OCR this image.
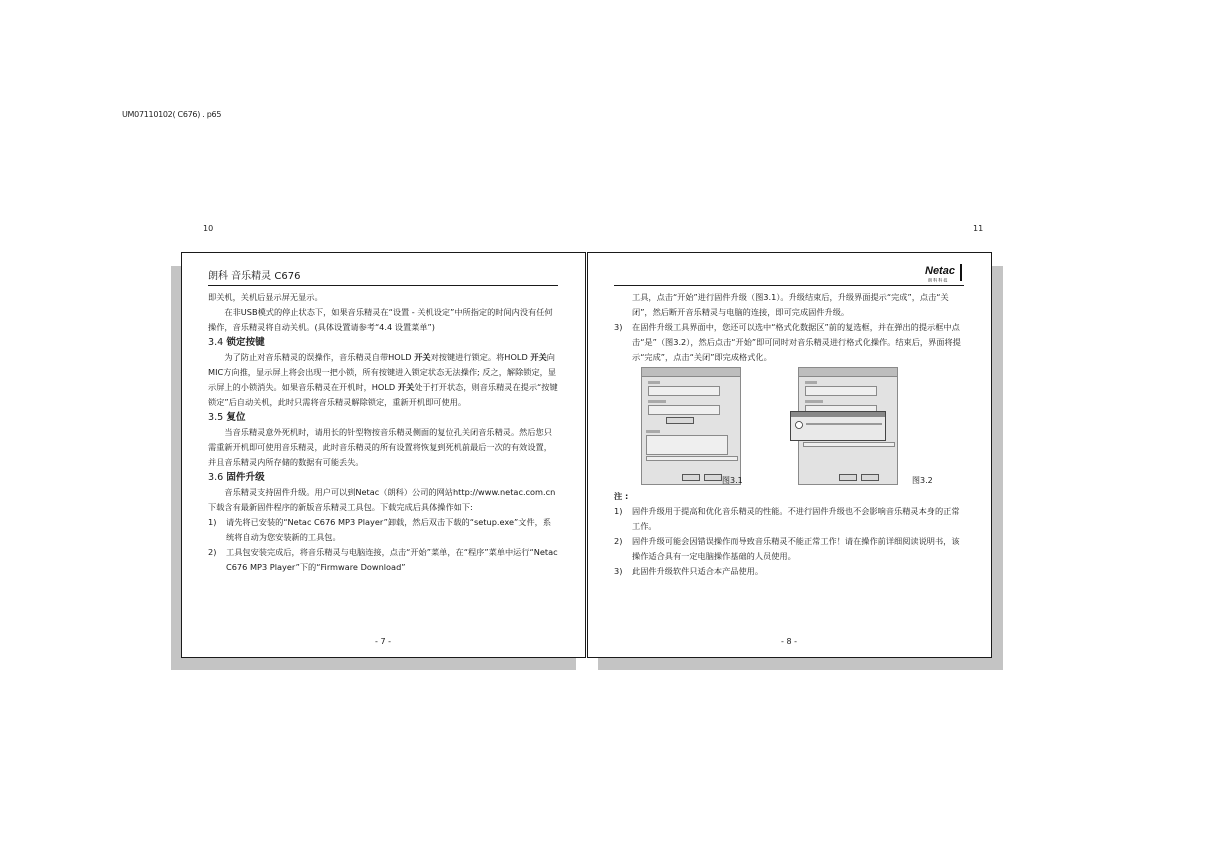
UM07110102( C676) . p65
10	11
朗科 音乐精灵 C676

即关机，关机后显示屏无显示。

在非USB模式的停止状态下，如果音乐精灵在“设置 - 关机设定”中所指定的时间内没有任何操作，音乐精灵将自动关机。(具体设置请参考“4.4 设置菜单”)

3.4 锁定按键

为了防止对音乐精灵的误操作，音乐精灵自带HOLD 开关对按键进行锁定。将HOLD 开关向MIC方向推，显示屏上将会出现一把小锁，所有按键进入锁定状态无法操作; 反之，解除锁定，显示屏上的小锁消失。如果音乐精灵在开机时，HOLD 开关处于打开状态，则音乐精灵在提示“按键锁定”后自动关机，此时只需将音乐精灵解除锁定，重新开机即可使用。

3.5 复位

当音乐精灵意外死机时，请用长的针型物按音乐精灵侧面的复位孔关闭音乐精灵。然后您只需重新开机即可使用音乐精灵，此时音乐精灵的所有设置将恢复到死机前最后一次的有效设置，并且音乐精灵内所存储的数据有可能丢失。

3.6 固件升级

音乐精灵支持固件升级。用户可以到Netac（朗科）公司的网站http://www.netac.com.cn下载含有最新固件程序的新版音乐精灵工具包。下载完成后具体操作如下:

1)	请先将已安装的“Netac C676 MP3 Player”卸载，然后双击下载的“setup.exe”文件，系统将自动为您安装新的工具包。
2)	工具包安装完成后，将音乐精灵与电脑连接，点击“开始”菜单，在“程序”菜单中运行“Netac C676 MP3 Player”下的“Firmware Download”
- 7 -
Netac
朗 科 科 技
工具，点击“开始”进行固件升级（图3.1）。升级结束后，升级界面提示“完成”，点击“关闭”，然后断开音乐精灵与电脑的连接，即可完成固件升级。
3)	在固件升级工具界面中，您还可以选中“格式化数据区”前的复选框，并在弹出的提示框中点击“是”（图3.2），然后点击“开始”即可同时对音乐精灵进行格式化操作。结束后，界面将提示“完成”，点击“关闭”即完成格式化。
图3.1	图3.2

注 :

1)	固件升级用于提高和优化音乐精灵的性能。不进行固件升级也不会影响音乐精灵本身的正常工作。
2)	固件升级可能会因错误操作而导致音乐精灵不能正常工作！请在操作前详细阅读说明书，该操作适合具有一定电脑操作基础的人员使用。
3)	此固件升级软件只适合本产品使用。
- 8 -
